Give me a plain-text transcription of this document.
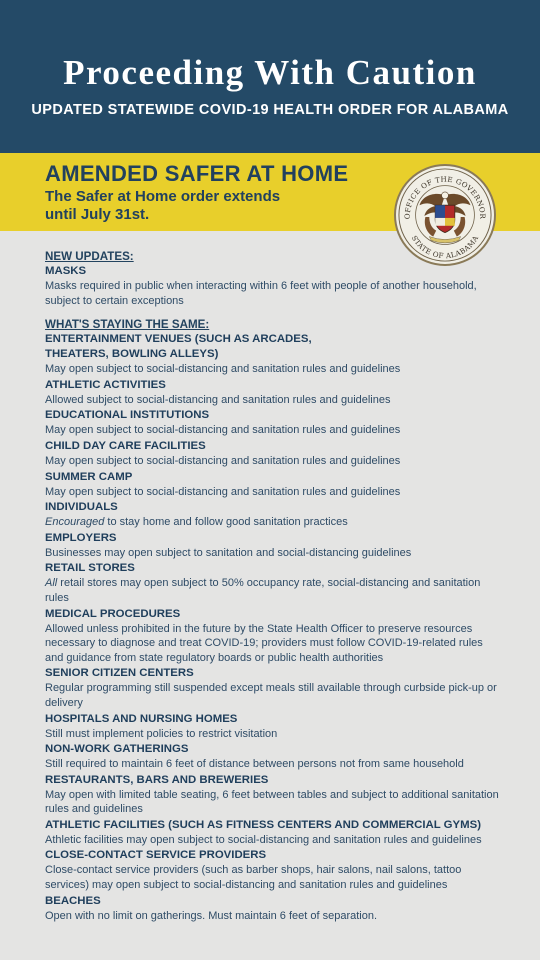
Proceeding With Caution
UPDATED STATEWIDE COVID-19 HEALTH ORDER FOR ALABAMA
AMENDED SAFER AT HOME
The Safer at Home order extends until July 31st.	OFFICE OF THE GOVERNOR
STATE OF ALABAMA
NEW UPDATES:
MASKS
Masks required in public when interacting within 6 feet with people of another household, subject to certain exceptions
WHAT'S STAYING THE SAME:
ENTERTAINMENT VENUES (SUCH AS ARCADES, THEATERS, BOWLING ALLEYS)
May open subject to social-distancing and sanitation rules and guidelines
ATHLETIC ACTIVITIES
Allowed subject to social-distancing and sanitation rules and guidelines
EDUCATIONAL INSTITUTIONS
May open subject to social-distancing and sanitation rules and guidelines
CHILD DAY CARE FACILITIES
May open subject to social-distancing and sanitation rules and guidelines
SUMMER CAMP
May open subject to social-distancing and sanitation rules and guidelines
INDIVIDUALS
Encouraged to stay home and follow good sanitation practices
EMPLOYERS
Businesses may open subject to sanitation and social-distancing guidelines
RETAIL STORES
All retail stores may open subject to 50% occupancy rate, social-distancing and sanitation rules
MEDICAL PROCEDURES
Allowed unless prohibited in the future by the State Health Officer to preserve resources necessary to diagnose and treat COVID-19; providers must follow COVID-19-related rules and guidance from state regulatory boards or public health authorities
SENIOR CITIZEN CENTERS
Regular programming still suspended except meals still available through curbside pick-up or delivery
HOSPITALS AND NURSING HOMES
Still must implement policies to restrict visitation
NON-WORK GATHERINGS
Still required to maintain 6 feet of distance between persons not from same household
RESTAURANTS, BARS AND BREWERIES
May open with limited table seating, 6 feet between tables and subject to additional sanitation rules and guidelines
ATHLETIC FACILITIES (SUCH AS FITNESS CENTERS AND COMMERCIAL GYMS)
Athletic facilities may open subject to social-distancing and sanitation rules and guidelines
CLOSE-CONTACT SERVICE PROVIDERS
Close-contact service providers (such as barber shops, hair salons, nail salons, tattoo services) may open subject to social-distancing and sanitation rules and guidelines
BEACHES
Open with no limit on gatherings. Must maintain 6 feet of separation.
